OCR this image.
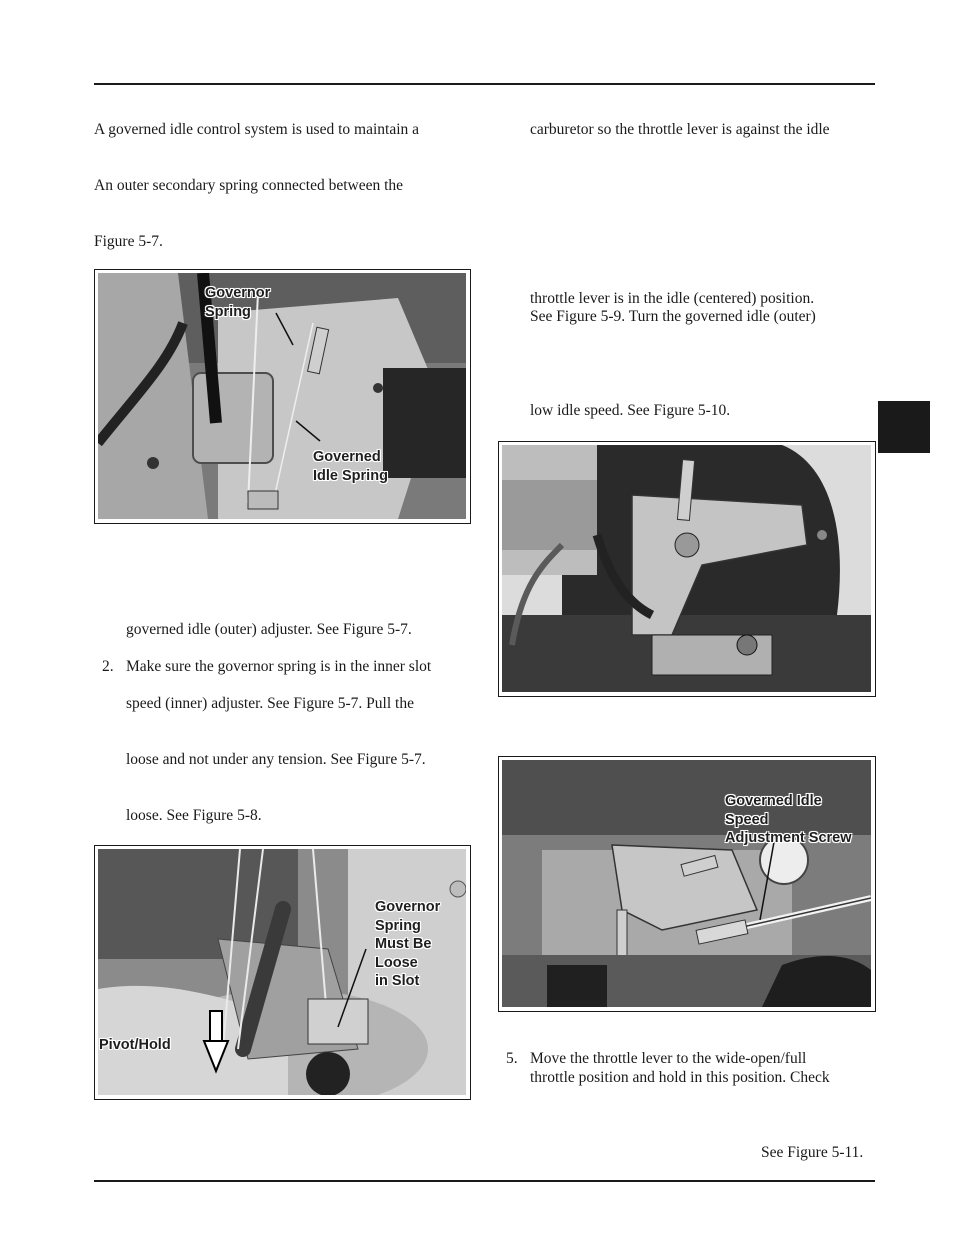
A governed idle control system is used to maintain a
An outer secondary spring connected between the
Figure 5-7.
Governor
Spring
Governed
Idle Spring
governed idle (outer) adjuster. See Figure 5-7.
2. Make sure the governor spring is in the inner slot
speed (inner) adjuster. See Figure 5-7. Pull the
loose and not under any tension. See Figure 5-7.
loose. See Figure 5-8.
Governor
Spring
Must Be
Loose
in Slot
Pivot/Hold
carburetor so the throttle lever is against the idle
throttle lever is in the idle (centered) position.
See Figure 5-9. Turn the governed idle (outer)
low idle speed. See Figure 5-10.
Governed Idle
Speed
Adjustment Screw
5. Move the throttle lever to the wide-open/full
throttle position and hold in this position. Check
See Figure 5-11.
